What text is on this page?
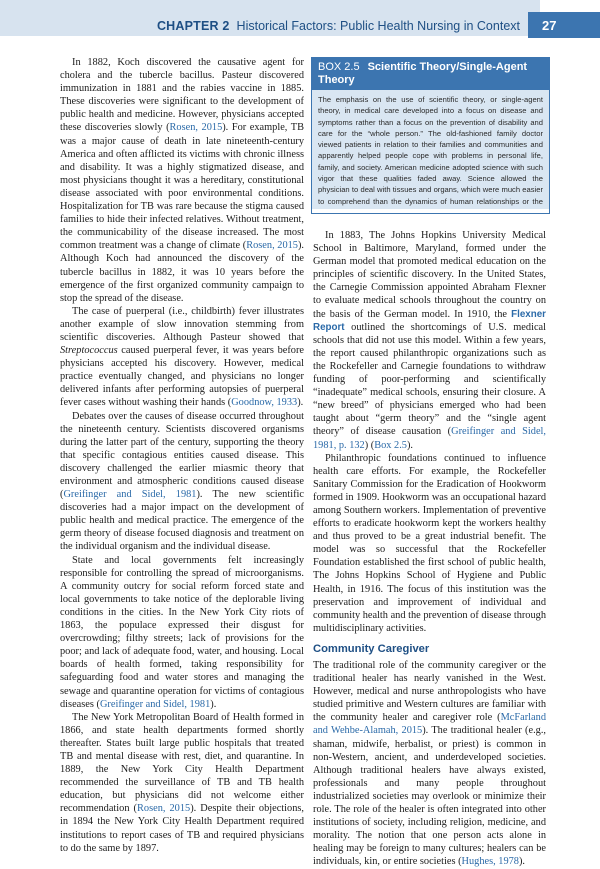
CHAPTER 2 Historical Factors: Public Health Nursing in Context 27

In 1882, Koch discovered the causative agent for cholera and the tubercle bacillus. Pasteur discovered immunization in 1881 and the rabies vaccine in 1885. These discoveries were significant to the development of public health and medicine. However, physicians accepted these discoveries slowly (Rosen, 2015). For example, TB was a major cause of death in late nineteenth-century America and often afflicted its victims with chronic illness and disability. It was a highly stigmatized disease, and most physicians thought it was a hereditary, constitutional disease associated with poor environmental conditions. Hospitalization for TB was rare because the stigma caused families to hide their infected relatives. Without treatment, the communicability of the disease increased. The most common treatment was a change of climate (Rosen, 2015). Although Koch had announced the discovery of the tubercle bacillus in 1882, it was 10 years before the emergence of the first organized community campaign to stop the spread of the disease.

The case of puerperal (i.e., childbirth) fever illustrates another example of slow innovation stemming from scientific discoveries. Although Pasteur showed that Streptococcus caused puerperal fever, it was years before physicians accepted his discovery. However, medical practice eventually changed, and physicians no longer delivered infants after performing autopsies of puerperal fever cases without washing their hands (Goodnow, 1933).

Debates over the causes of disease occurred throughout the nineteenth century. Scientists discovered organisms during the latter part of the century, supporting the theory that specific contagious entities caused disease. This discovery challenged the earlier miasmic theory that environment and atmospheric conditions caused disease (Greifinger and Sidel, 1981). The new scientific discoveries had a major impact on the development of public health and medical practice. The emergence of the germ theory of disease focused diagnosis and treatment on the individual organism and the individual disease.

State and local governments felt increasingly responsible for controlling the spread of microorganisms. A community outcry for social reform forced state and local governments to take notice of the deplorable living conditions in the cities. In the New York City riots of 1863, the populace expressed their disgust for overcrowding; filthy streets; lack of provisions for the poor; and lack of adequate food, water, and housing. Local boards of health formed, taking responsibility for safeguarding food and water stores and managing the sewage and quarantine operation for victims of contagious diseases (Greifinger and Sidel, 1981).

The New York Metropolitan Board of Health formed in 1866, and state health departments formed shortly thereafter. States built large public hospitals that treated TB and mental disease with rest, diet, and quarantine. In 1889, the New York City Health Department recommended the surveillance of TB and TB health education, but physicians did not welcome either recommendation (Rosen, 2015). Despite their objections, in 1894 the New York City Health Department required institutions to report cases of TB and required physicians to do the same by 1897.

BOX 2.5 Scientific Theory/Single-Agent Theory
The emphasis on the use of scientific theory, or single-agent theory, in medical care developed into a focus on disease and symptoms rather than a focus on the prevention of disability and care for the “whole person.” The old-fashioned family doctor viewed patients in relation to their families and communities and apparently helped people cope with problems in personal life, family, and society. American medicine adopted science with such vigor that these qualities faded away. Science allowed the physician to deal with tissues and organs, which were much easier to comprehend than the dynamics of human relationships or the

In 1883, The Johns Hopkins University Medical School in Baltimore, Maryland, formed under the German model that promoted medical education on the principles of scientific discovery. In the United States, the Carnegie Commission appointed Abraham Flexner to evaluate medical schools throughout the country on the basis of the German model. In 1910, the Flexner Report outlined the shortcomings of U.S. medical schools that did not use this model. Within a few years, the report caused philanthropic organizations such as the Rockefeller and Carnegie foundations to withdraw funding of poor-performing and scientifically “inadequate” medical schools, ensuring their closure. A “new breed” of physicians emerged who had been taught about “germ theory” and the “single agent theory” of disease causation (Greifinger and Sidel, 1981, p. 132) (Box 2.5).

Philanthropic foundations continued to influence health care efforts. For example, the Rockefeller Sanitary Commission for the Eradication of Hookworm formed in 1909. Hookworm was an occupational hazard among Southern workers. Implementation of preventive efforts to eradicate hookworm kept the workers healthy and thus proved to be a great industrial benefit. The model was so successful that the Rockefeller Foundation established the first school of public health, The Johns Hopkins School of Hygiene and Public Health, in 1916. The focus of this institution was the preservation and improvement of individual and community health and the prevention of disease through multidisciplinary activities.

Community Caregiver

The traditional role of the community caregiver or the traditional healer has nearly vanished in the West. However, medical and nurse anthropologists who have studied primitive and Western cultures are familiar with the community healer and caregiver role (McFarland and Wehbe-Alamah, 2015). The traditional healer (e.g., shaman, midwife, herbalist, or priest) is common in non-Western, ancient, and underdeveloped societies. Although traditional healers have always existed, professionals and many people throughout industrialized societies may overlook or minimize their role. The role of the healer is often integrated into other institutions of society, including religion, medicine, and morality. The notion that one person acts alone in healing may be foreign to many cultures; healers can be individuals, kin, or entire societies (Hughes, 1978).
